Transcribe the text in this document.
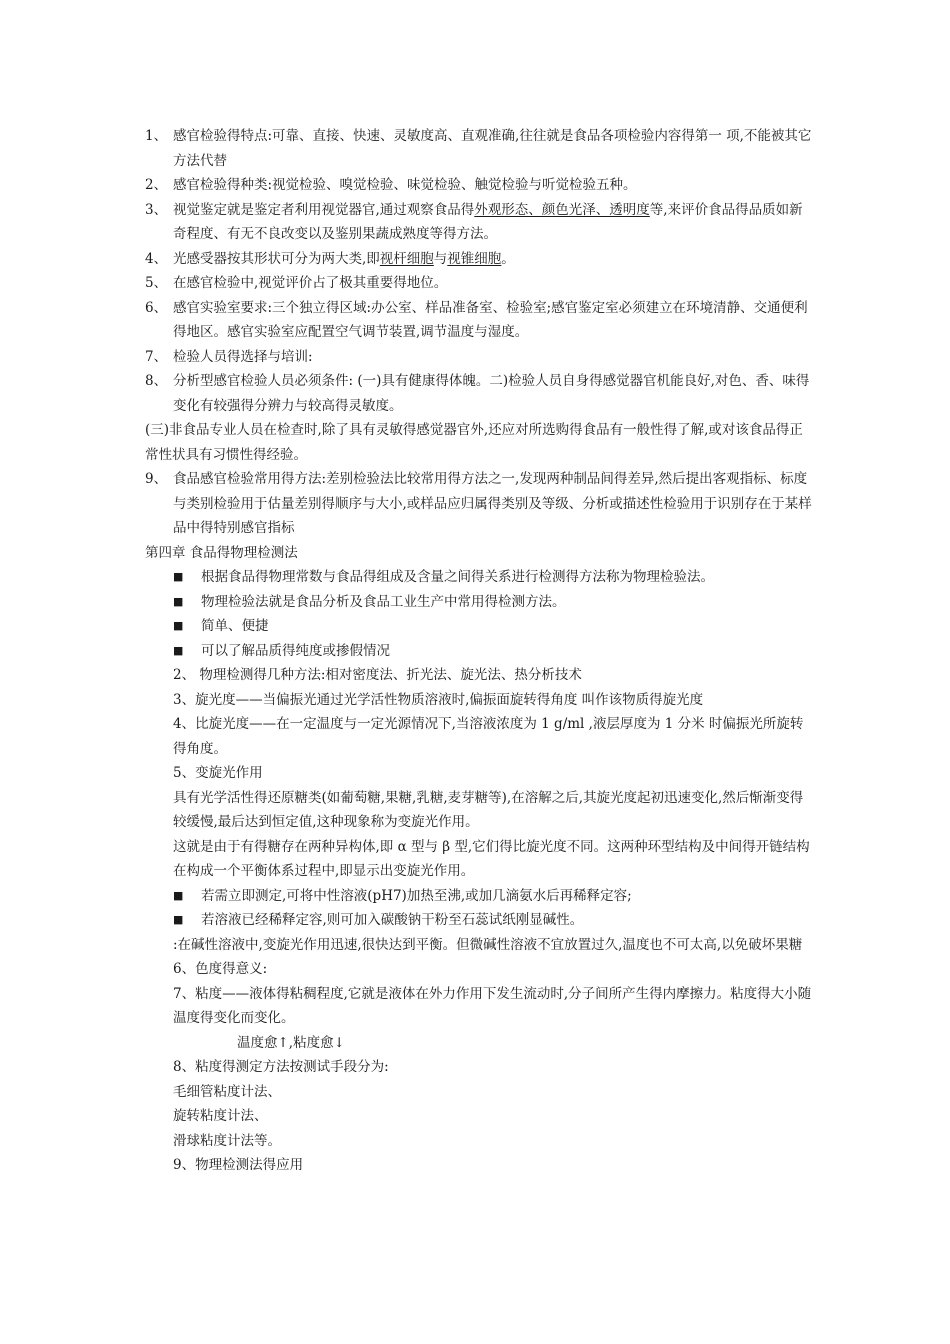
1、 感官检验得特点:可靠、直接、快速、灵敏度高、直观准确,往往就是食品各项检验内容得第一 项,不能被其它方法代替
2、 感官检验得种类:视觉检验、嗅觉检验、味觉检验、触觉检验与听觉检验五种。
3、 视觉鉴定就是鉴定者利用视觉器官,通过观察食品得外观形态、颜色光泽、透明度等,来评价食品得品质如新奇程度、有无不良改变以及鉴别果蔬成熟度等得方法。
4、 光感受器按其形状可分为两大类,即视杆细胞与视锥细胞。
5、 在感官检验中,视觉评价占了极其重要得地位。
6、 感官实验室要求:三个独立得区域:办公室、样品准备室、检验室;感官鉴定室必须建立在环境清静、交通便利得地区。感官实验室应配置空气调节装置,调节温度与湿度。
7、 检验人员得选择与培训:
8、 分析型感官检验人员必须条件: (一)具有健康得体魄。二)检验人员自身得感觉器官机能良好,对色、香、味得变化有较强得分辨力与较高得灵敏度。
(三)非食品专业人员在检查时,除了具有灵敏得感觉器官外,还应对所选购得食品有一般性得了解,或对该食品得正常性状具有习惯性得经验。
9、 食品感官检验常用得方法:差别检验法比较常用得方法之一,发现两种制品间得差异,然后提出客观指标、标度与类别检验用于估量差别得顺序与大小,或样品应归属得类别及等级、分析或描述性检验用于识别存在于某样品中得特别感官指标
第四章 食品得物理检测法
■ 根据食品得物理常数与食品得组成及含量之间得关系进行检测得方法称为物理检验法。
■ 物理检验法就是食品分析及食品工业生产中常用得检测方法。
■ 简单、便捷
■ 可以了解品质得纯度或掺假情况
2、 物理检测得几种方法:相对密度法、折光法、旋光法、热分析技术
3、旋光度——当偏振光通过光学活性物质溶液时,偏振面旋转得角度 叫作该物质得旋光度
4、比旋光度——在一定温度与一定光源情况下,当溶液浓度为 1 g/ml ,液层厚度为 1 分米 时偏振光所旋转得角度。
5、变旋光作用
具有光学活性得还原糖类(如葡萄糖,果糖,乳糖,麦芽糖等),在溶解之后,其旋光度起初迅速变化,然后惭渐变得较缓慢,最后达到恒定值,这种现象称为变旋光作用。
这就是由于有得糖存在两种异构体,即 α 型与 β 型,它们得比旋光度不同。这两种环型结构及中间得开链结构在构成一个平衡体系过程中,即显示出变旋光作用。
■ 若需立即测定,可将中性溶液(pH7)加热至沸,或加几滴氨水后再稀释定容;
■ 若溶液已经稀释定容,则可加入碳酸钠干粉至石蕊试纸刚显碱性。
:在碱性溶液中,变旋光作用迅速,很快达到平衡。但微碱性溶液不宜放置过久,温度也不可太高,以免破坏果糖
6、色度得意义:
7、粘度——液体得粘稠程度,它就是液体在外力作用下发生流动时,分子间所产生得内摩擦力。粘度得大小随温度得变化而变化。
温度愈↑,粘度愈↓
8、粘度得测定方法按测试手段分为:
毛细管粘度计法、
旋转粘度计法、
滑球粘度计法等。
9、物理检测法得应用
